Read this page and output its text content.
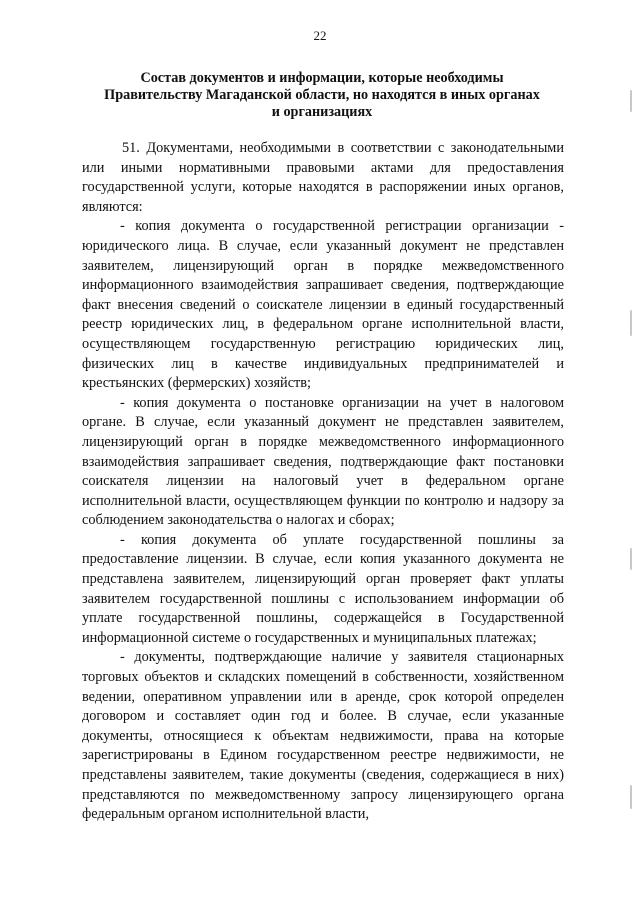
22
Состав документов и информации, которые необходимы
Правительству Магаданской области, но находятся в иных органах
и организациях

51. Документами, необходимыми в соответствии с законодательными или иными нормативными правовыми актами для предоставления государственной услуги, которые находятся в распоряжении иных органов, являются:

- копия документа о государственной регистрации организации - юридического лица. В случае, если указанный документ не представлен заявителем, лицензирующий орган в порядке межведомственного информационного взаимодействия запрашивает сведения, подтверждающие факт внесения сведений о соискателе лицензии в единый государственный реестр юридических лиц, в федеральном органе исполнительной власти, осуществляющем государственную регистрацию юридических лиц, физических лиц в качестве индивидуальных предпринимателей и крестьянских (фермерских) хозяйств;

- копия документа о постановке организации на учет в налоговом органе. В случае, если указанный документ не представлен заявителем, лицензирующий орган в порядке межведомственного информационного взаимодействия запрашивает сведения, подтверждающие факт постановки соискателя лицензии на налоговый учет в федеральном органе исполнительной власти, осуществляющем функции по контролю и надзору за соблюдением законодательства о налогах и сборах;

- копия документа об уплате государственной пошлины за предоставление лицензии. В случае, если копия указанного документа не представлена заявителем, лицензирующий орган проверяет факт уплаты заявителем государственной пошлины с использованием информации об уплате государственной пошлины, содержащейся в Государственной информационной системе о государственных и муниципальных платежах;

- документы, подтверждающие наличие у заявителя стационарных торговых объектов и складских помещений в собственности, хозяйственном ведении, оперативном управлении или в аренде, срок которой определен договором и составляет один год и более. В случае, если указанные документы, относящиеся к объектам недвижимости, права на которые зарегистрированы в Едином государственном реестре недвижимости, не представлены заявителем, такие документы (сведения, содержащиеся в них) представляются по межведомственному запросу лицензирующего органа федеральным органом исполнительной власти,
